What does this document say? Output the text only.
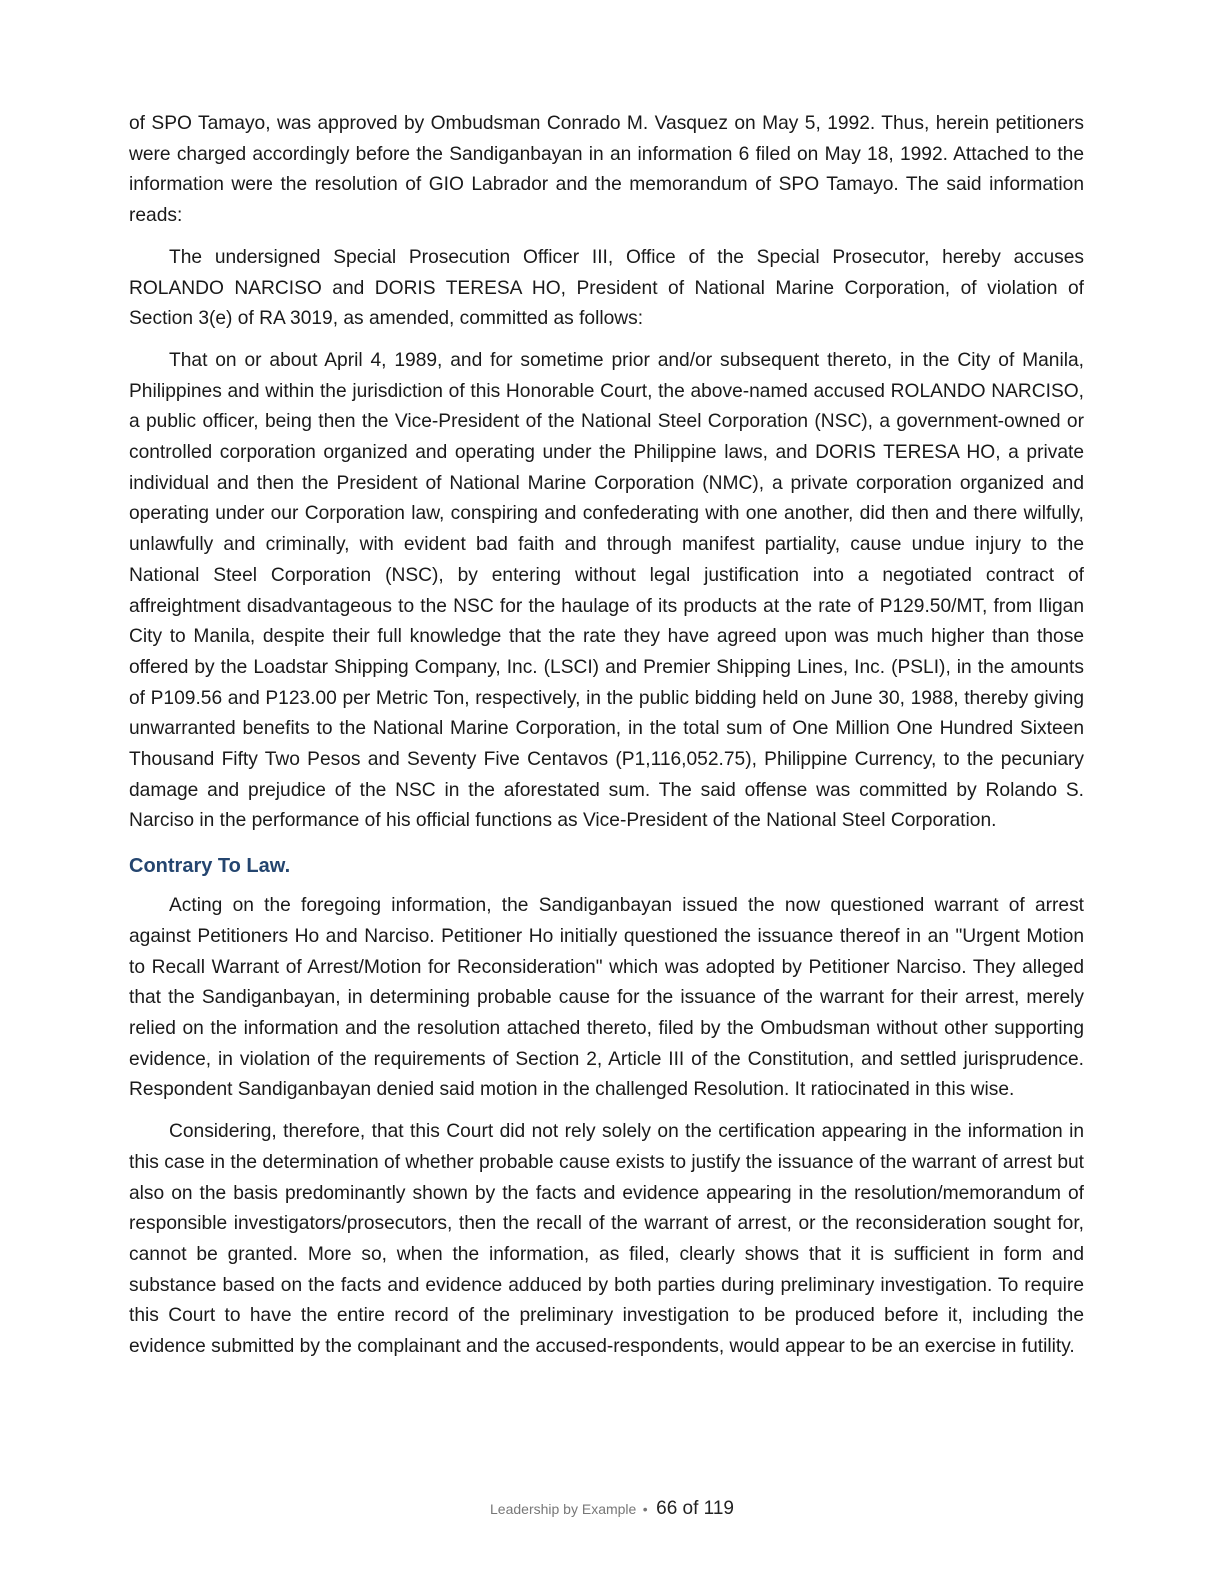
of SPO Tamayo, was approved by Ombudsman Conrado M. Vasquez on May 5, 1992. Thus, herein petitioners were charged accordingly before the Sandiganbayan in an information 6 filed on May 18, 1992. Attached to the information were the resolution of GIO Labrador and the memorandum of SPO Tamayo. The said information reads:

The undersigned Special Prosecution Officer III, Office of the Special Prosecutor, hereby accuses ROLANDO NARCISO and DORIS TERESA HO, President of National Marine Corporation, of violation of Section 3(e) of RA 3019, as amended, committed as follows:

That on or about April 4, 1989, and for sometime prior and/or subsequent thereto, in the City of Manila, Philippines and within the jurisdiction of this Honorable Court, the above-named accused ROLANDO NARCISO, a public officer, being then the Vice-President of the National Steel Corporation (NSC), a government-owned or controlled corporation organized and operating under the Philippine laws, and DORIS TERESA HO, a private individual and then the President of National Marine Corporation (NMC), a private corporation organized and operating under our Corporation law, conspiring and confederating with one another, did then and there wilfully, unlawfully and criminally, with evident bad faith and through manifest partiality, cause undue injury to the National Steel Corporation (NSC), by entering without legal justification into a negotiated contract of affreightment disadvantageous to the NSC for the haulage of its products at the rate of P129.50/MT, from Iligan City to Manila, despite their full knowledge that the rate they have agreed upon was much higher than those offered by the Loadstar Shipping Company, Inc. (LSCI) and Premier Shipping Lines, Inc. (PSLI), in the amounts of P109.56 and P123.00 per Metric Ton, respectively, in the public bidding held on June 30, 1988, thereby giving unwarranted benefits to the National Marine Corporation, in the total sum of One Million One Hundred Sixteen Thousand Fifty Two Pesos and Seventy Five Centavos (P1,116,052.75), Philippine Currency, to the pecuniary damage and prejudice of the NSC in the aforestated sum. The said offense was committed by Rolando S. Narciso in the performance of his official functions as Vice-President of the National Steel Corporation.

Contrary To Law.

Acting on the foregoing information, the Sandiganbayan issued the now questioned warrant of arrest against Petitioners Ho and Narciso. Petitioner Ho initially questioned the issuance thereof in an "Urgent Motion to Recall Warrant of Arrest/Motion for Reconsideration" which was adopted by Petitioner Narciso. They alleged that the Sandiganbayan, in determining probable cause for the issuance of the warrant for their arrest, merely relied on the information and the resolution attached thereto, filed by the Ombudsman without other supporting evidence, in violation of the requirements of Section 2, Article III of the Constitution, and settled jurisprudence. Respondent Sandiganbayan denied said motion in the challenged Resolution. It ratiocinated in this wise.

Considering, therefore, that this Court did not rely solely on the certification appearing in the information in this case in the determination of whether probable cause exists to justify the issuance of the warrant of arrest but also on the basis predominantly shown by the facts and evidence appearing in the resolution/memorandum of responsible investigators/prosecutors, then the recall of the warrant of arrest, or the reconsideration sought for, cannot be granted. More so, when the information, as filed, clearly shows that it is sufficient in form and substance based on the facts and evidence adduced by both parties during preliminary investigation. To require this Court to have the entire record of the preliminary investigation to be produced before it, including the evidence submitted by the complainant and the accused-respondents, would appear to be an exercise in futility.

Leadership by Example • 66 of 119
